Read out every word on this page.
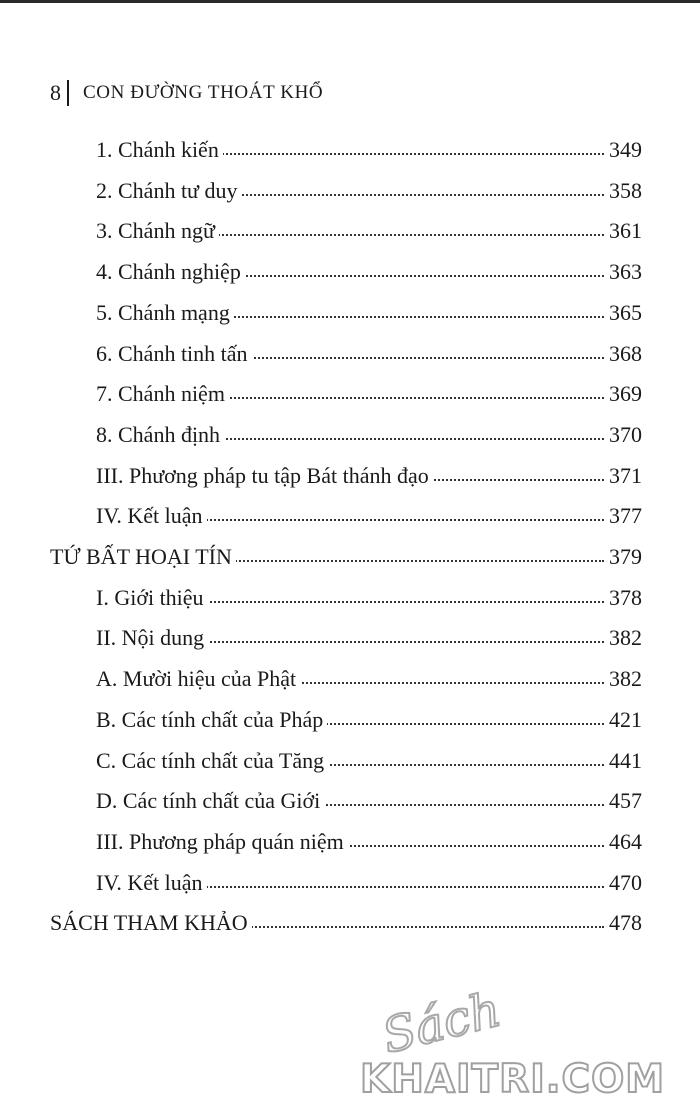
8 CON ĐƯỜNG THOÁT KHỔ
1. Chánh kiến	349
2. Chánh tư duy	358
3. Chánh ngữ	361
4. Chánh nghiệp	363
5. Chánh mạng	365
6. Chánh tinh tấn	368
7. Chánh niệm	369
8. Chánh định	370
III. Phương pháp tu tập Bát thánh đạo	371
IV. Kết luận	377
TỨ BẤT HOẠI TÍN	379
I. Giới thiệu	378
II. Nội dung	382
A. Mười hiệu của Phật	382
B. Các tính chất của Pháp	421
C. Các tính chất của Tăng	441
D. Các tính chất của Giới	457
III. Phương pháp quán niệm	464
IV. Kết luận	470
SÁCH THAM KHẢO	478
Sách
KHAITRI.COM
